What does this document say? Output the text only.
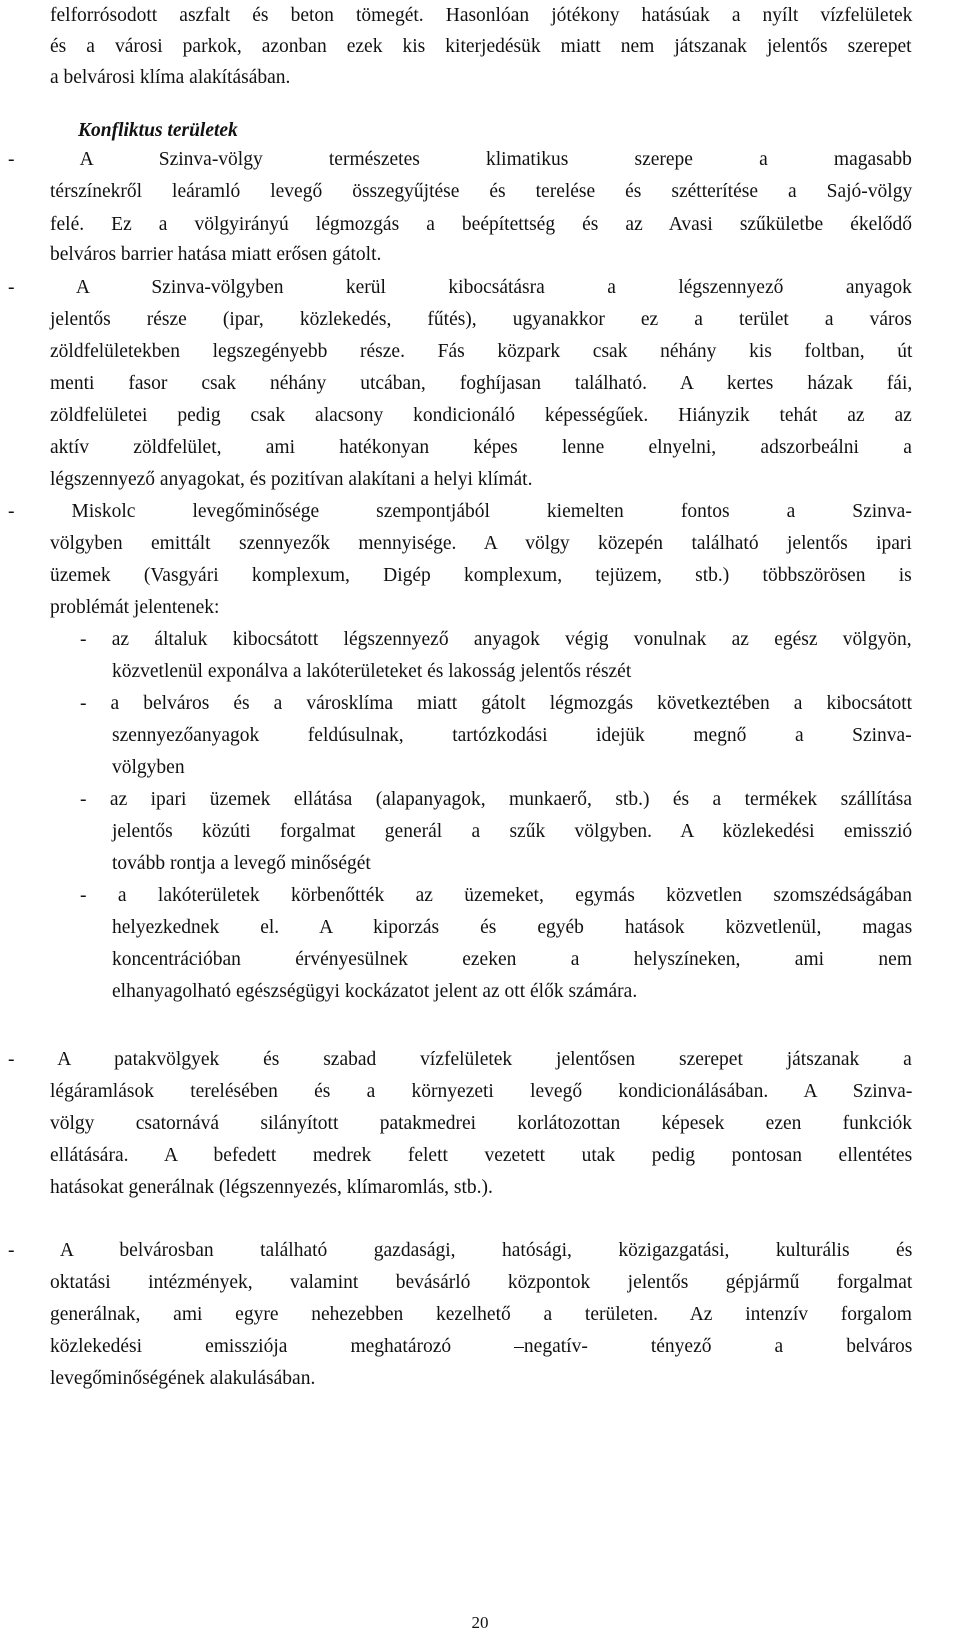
felforrósodott aszfalt és beton tömegét. Hasonlóan jótékony hatásúak a nyílt vízfelületek
és a városi parkok, azonban ezek kis kiterjedésük miatt nem játszanak jelentős szerepet
a belvárosi klíma alakításában.
Konfliktus területek
- A Szinva-völgy természetes klimatikus szerepe a magasabb
térszínekről leáramló levegő összegyűjtése és terelése és szétterítése a Sajó-völgy
felé. Ez a völgyirányú légmozgás a beépítettség és az Avasi szűkületbe ékelődő
belváros barrier hatása miatt erősen gátolt.
- A Szinva-völgyben kerül kibocsátásra a légszennyező anyagok
jelentős része (ipar, közlekedés, fűtés), ugyanakkor ez a terület a város
zöldfelületekben legszegényebb része. Fás közpark csak néhány kis foltban, út
menti fasor csak néhány utcában, foghíjasan található. A kertes házak fái,
zöldfelületei pedig csak alacsony kondicionáló képességűek. Hiányzik tehát az az
aktív zöldfelület, ami hatékonyan képes lenne elnyelni, adszorbeálni a
légszennyező anyagokat, és pozitívan alakítani a helyi klímát.
- Miskolc levegőminősége szempontjából kiemelten fontos a Szinva-
völgyben emittált szennyezők mennyisége. A völgy közepén található jelentős ipari
üzemek (Vasgyári komplexum, Digép komplexum, tejüzem, stb.) többszörösen is
problémát jelentenek:
- az általuk kibocsátott légszennyező anyagok végig vonulnak az egész völgyön,
közvetlenül exponálva a lakóterületeket és lakosság jelentős részét
- a belváros és a városklíma miatt gátolt légmozgás következtében a kibocsátott
szennyezőanyagok feldúsulnak, tartózkodási idejük megnő a Szinva-
völgyben
- az ipari üzemek ellátása (alapanyagok, munkaerő, stb.) és a termékek szállítása
jelentős közúti forgalmat generál a szűk völgyben. A közlekedési emisszió
tovább rontja a levegő minőségét
- a lakóterületek körbenőtték az üzemeket, egymás közvetlen szomszédságában
helyezkednek el. A kiporzás és egyéb hatások közvetlenül, magas
koncentrációban érvényesülnek ezeken a helyszíneken, ami nem
elhanyagolható egészségügyi kockázatot jelent az ott élők számára.
- A patakvölgyek és szabad vízfelületek jelentősen szerepet játszanak a
légáramlások terelésében és a környezeti levegő kondicionálásában. A Szinva-
völgy csatornává silányított patakmedrei korlátozottan képesek ezen funkciók
ellátására. A befedett medrek felett vezetett utak pedig pontosan ellentétes
hatásokat generálnak (légszennyezés, klímaromlás, stb.).
- A belvárosban található gazdasági, hatósági, közigazgatási, kulturális és
oktatási intézmények, valamint bevásárló központok jelentős gépjármű forgalmat
generálnak, ami egyre nehezebben kezelhető a területen. Az intenzív forgalom
közlekedési emissziója meghatározó –negatív- tényező a belváros
levegőminőségének alakulásában.
20
